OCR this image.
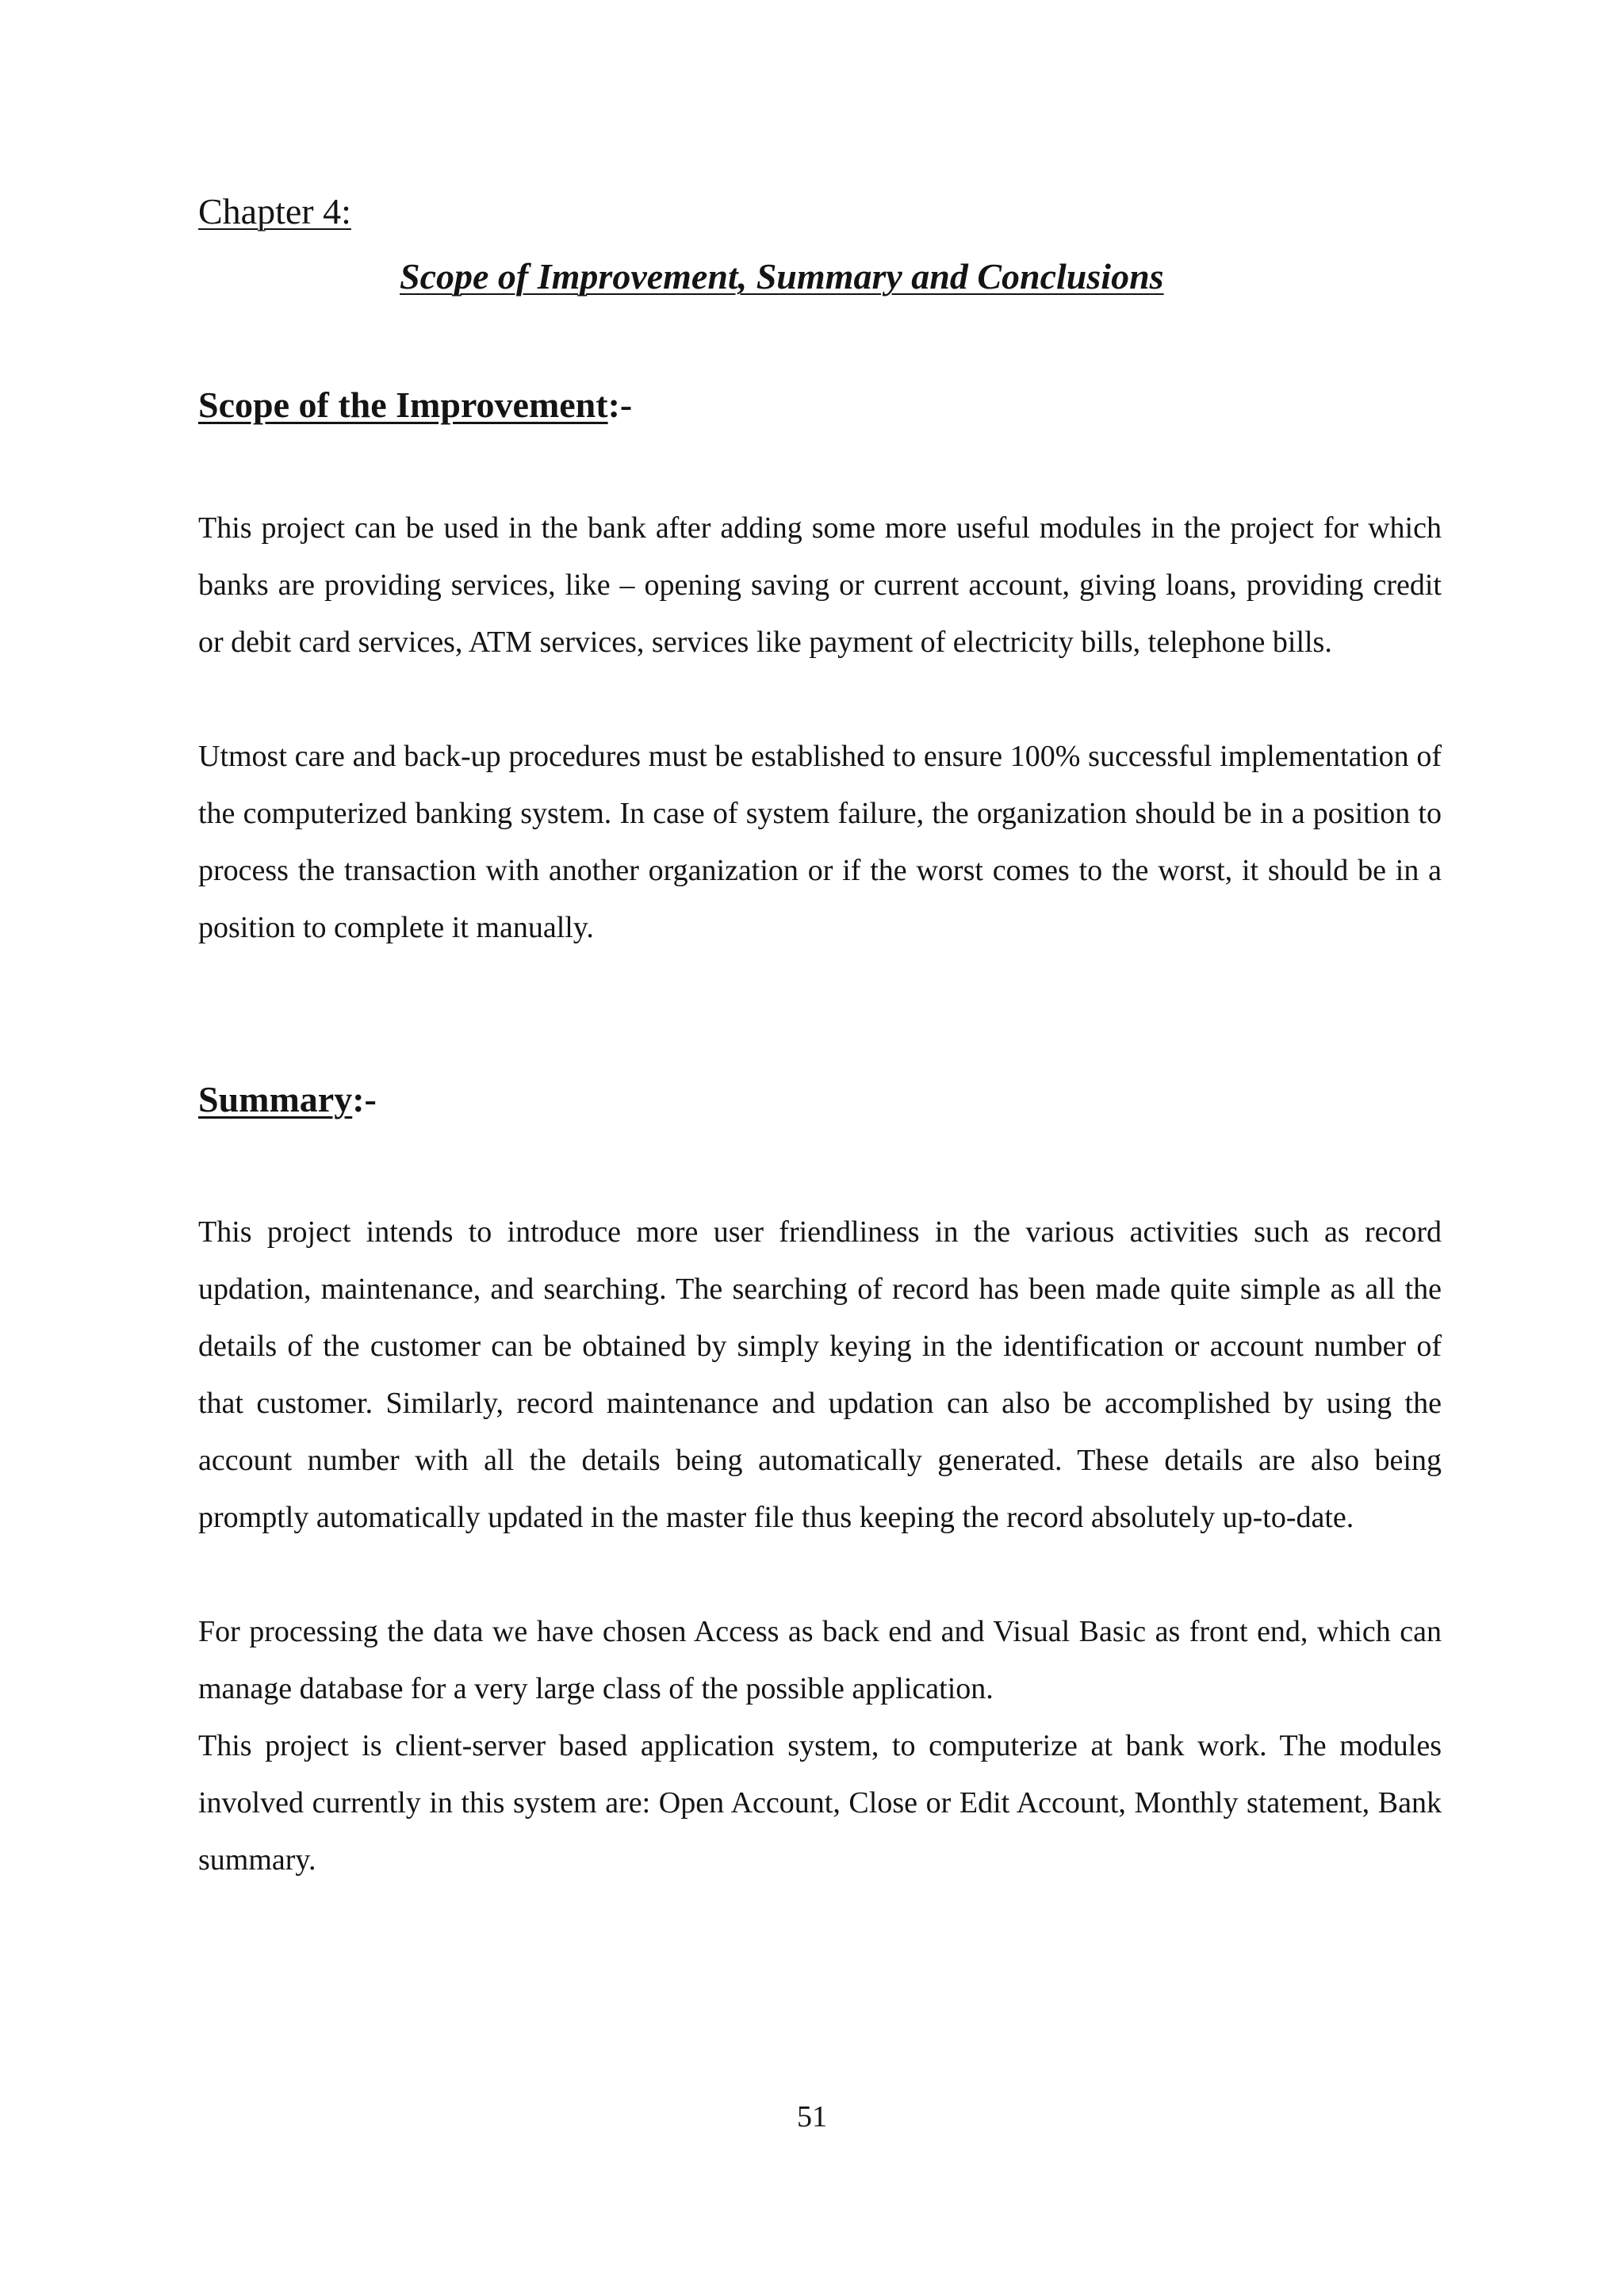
Chapter 4:
Scope of Improvement, Summary and Conclusions
Scope of the Improvement:-

This project can be used in the bank after adding some more useful modules in the project for which banks are providing services, like – opening saving or current account, giving loans, providing credit or debit card services, ATM services, services like payment of electricity bills, telephone bills.

Utmost care and back-up procedures must be established to ensure 100% successful implementation of the computerized banking system. In case of system failure, the organization should be in a position to process the transaction with another organization or if the worst comes to the worst, it should be in a position to complete it manually.

Summary:-

This project intends to introduce more user friendliness in the various activities such as record updation, maintenance, and searching. The searching of record has been made quite simple as all the details of the customer can be obtained by simply keying in the identification or account number of that customer. Similarly, record maintenance and updation can also be accomplished by using the account number with all the details being automatically generated. These details are also being promptly automatically updated in the master file thus keeping the record absolutely up-to-date.

For processing the data we have chosen Access as back end and Visual Basic as front end, which can manage database for a very large class of the possible application.

This project is client-server based application system, to computerize at bank work. The modules involved currently in this system are: Open Account, Close or Edit Account, Monthly statement, Bank summary.

51
